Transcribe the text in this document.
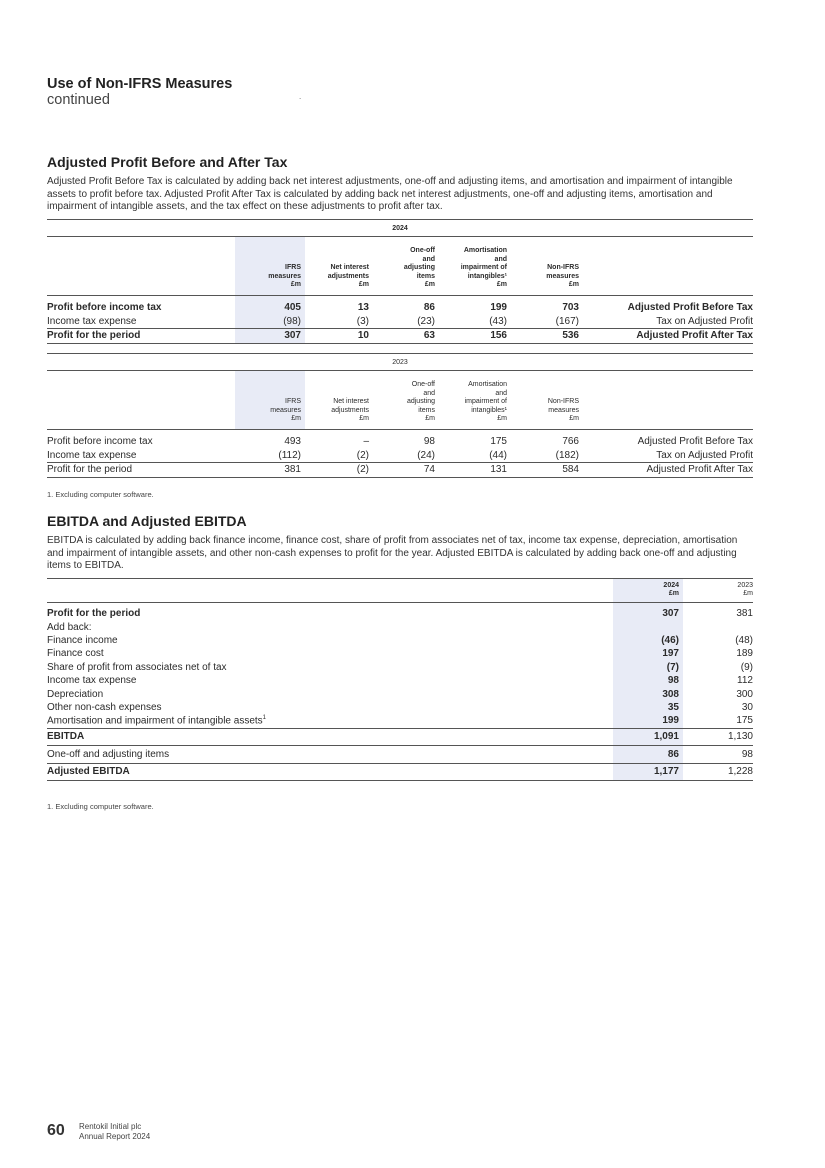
Use of Non-IFRS Measures
continued	.
Adjusted Profit Before and After Tax
Adjusted Profit Before Tax is calculated by adding back net interest adjustments, one-off and adjusting items, and amortisation and impairment of intangible assets to profit before tax. Adjusted Profit After Tax is calculated by adding back net interest adjustments, one-off and adjusting items, amortisation and impairment of intangible assets, and the tax effect on these adjustments to profit after tax.
2024						
	IFRS
measures
£m	Net interest
adjustments
£m	One-off
and
adjusting
items
£m	Amortisation
and
impairment of
intangibles¹
£m	Non-IFRS
measures
£m	
Profit before income tax	405	13	86	199	703	Adjusted Profit Before Tax
Income tax expense	(98)	(3)	(23)	(43)	(167)	Tax on Adjusted Profit
Profit for the period	307	10	63	156	536	Adjusted Profit After Tax
2023						
	IFRS
measures
£m	Net interest
adjustments
£m	One-off
and
adjusting
items
£m	Amortisation
and
impairment of
intangibles¹
£m	Non-IFRS
measures
£m	
Profit before income tax	493	–	98	175	766	Adjusted Profit Before Tax
Income tax expense	(112)	(2)	(24)	(44)	(182)	Tax on Adjusted Profit
Profit for the period	381	(2)	74	131	584	Adjusted Profit After Tax
1. Excluding computer software.
EBITDA and Adjusted EBITDA
EBITDA is calculated by adding back finance income, finance cost, share of profit from associates net of tax, income tax expense, depreciation, amortisation and impairment of intangible assets, and other non-cash expenses to profit for the year. Adjusted EBITDA is calculated by adding back one-off and adjusting items to EBITDA.
	2024
£m	2023
£m
Profit for the period	307	381
Add back:		
Finance income	(46)	(48)
Finance cost	197	189
Share of profit from associates net of tax	(7)	(9)
Income tax expense	98	112
Depreciation	308	300
Other non-cash expenses	35	30
Amortisation and impairment of intangible assets$^1$	199	175
EBITDA	1,091	1,130
One-off and adjusting items	86	98
Adjusted EBITDA	1,177	1,228
1. Excluding computer software.
60 Rentokil Initial plc
Annual Report 2024
